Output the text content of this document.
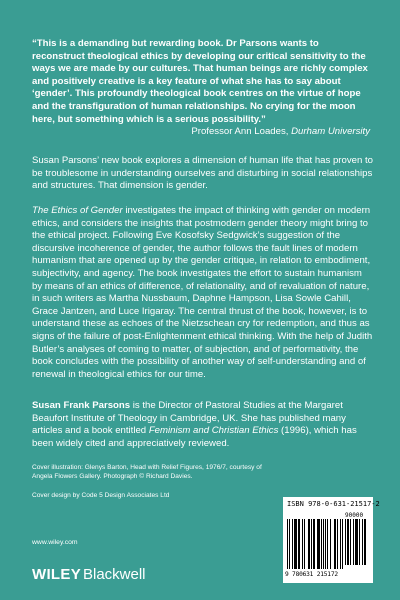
“This is a demanding but rewarding book. Dr Parsons wants to reconstruct theological ethics by developing our critical sensitivity to the ways we are made by our cultures. That human beings are richly complex and positively creative is a key feature of what she has to say about ‘gender’. This profoundly theological book centres on the virtue of hope and the transfiguration of human relationships. No crying for the moon here, but something which is a serious possibility.”
Professor Ann Loades, Durham University
Susan Parsons’ new book explores a dimension of human life that has proven to be troublesome in understanding ourselves and disturbing in social relationships and structures. That dimension is gender.
The Ethics of Gender investigates the impact of thinking with gender on modern ethics, and considers the insights that postmodern gender theory might bring to the ethical project. Following Eve Kosofsky Sedgwick’s suggestion of the discursive incoherence of gender, the author follows the fault lines of modern humanism that are opened up by the gender critique, in relation to embodiment, subjectivity, and agency. The book investigates the effort to sustain humanism by means of an ethics of difference, of relationality, and of revaluation of nature, in such writers as Martha Nussbaum, Daphne Hampson, Lisa Sowle Cahill, Grace Jantzen, and Luce Irigaray. The central thrust of the book, however, is to understand these as echoes of the Nietzschean cry for redemption, and thus as signs of the failure of post-Enlightenment ethical thinking. With the help of Judith Butler’s analyses of coming to matter, of subjection, and of performativity, the book concludes with the possibility of another way of self-understanding and of renewal in theological ethics for our time.
Susan Frank Parsons is the Director of Pastoral Studies at the Margaret Beaufort Institute of Theology in Cambridge, UK. She has published many articles and a book entitled Feminism and Christian Ethics (1996), which has been widely cited and appreciatively reviewed.
Cover illustration: Glenys Barton, Head with Relief Figures, 1976/7, courtesy of Angela Flowers Gallery. Photograph © Richard Davies.
Cover design by Code 5 Design Associates Ltd
www.wiley.com
WILEY Blackwell
ISBN 978-0-631-21517-2
90000
9 780631 215172
